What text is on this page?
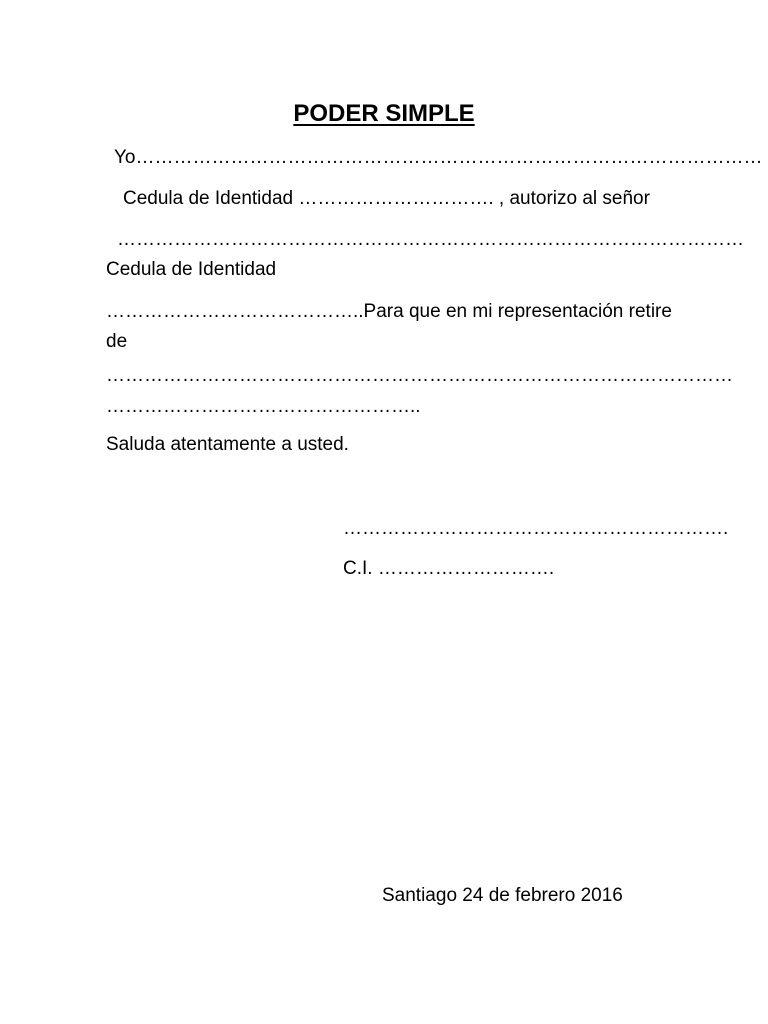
PODER SIMPLE
Yo………………………………………………………………………………………
Cedula de Identidad …………………………. , autorizo al señor
………………………………………………………………………………………
Cedula de Identidad
…………………………………..Para que en mi representación retire
de
………………………………………………………………………………………
…………………………………………..
Saluda atentamente a usted.
…………………………………………………….
C.I. ……………………….
Santiago 24 de febrero 2016
